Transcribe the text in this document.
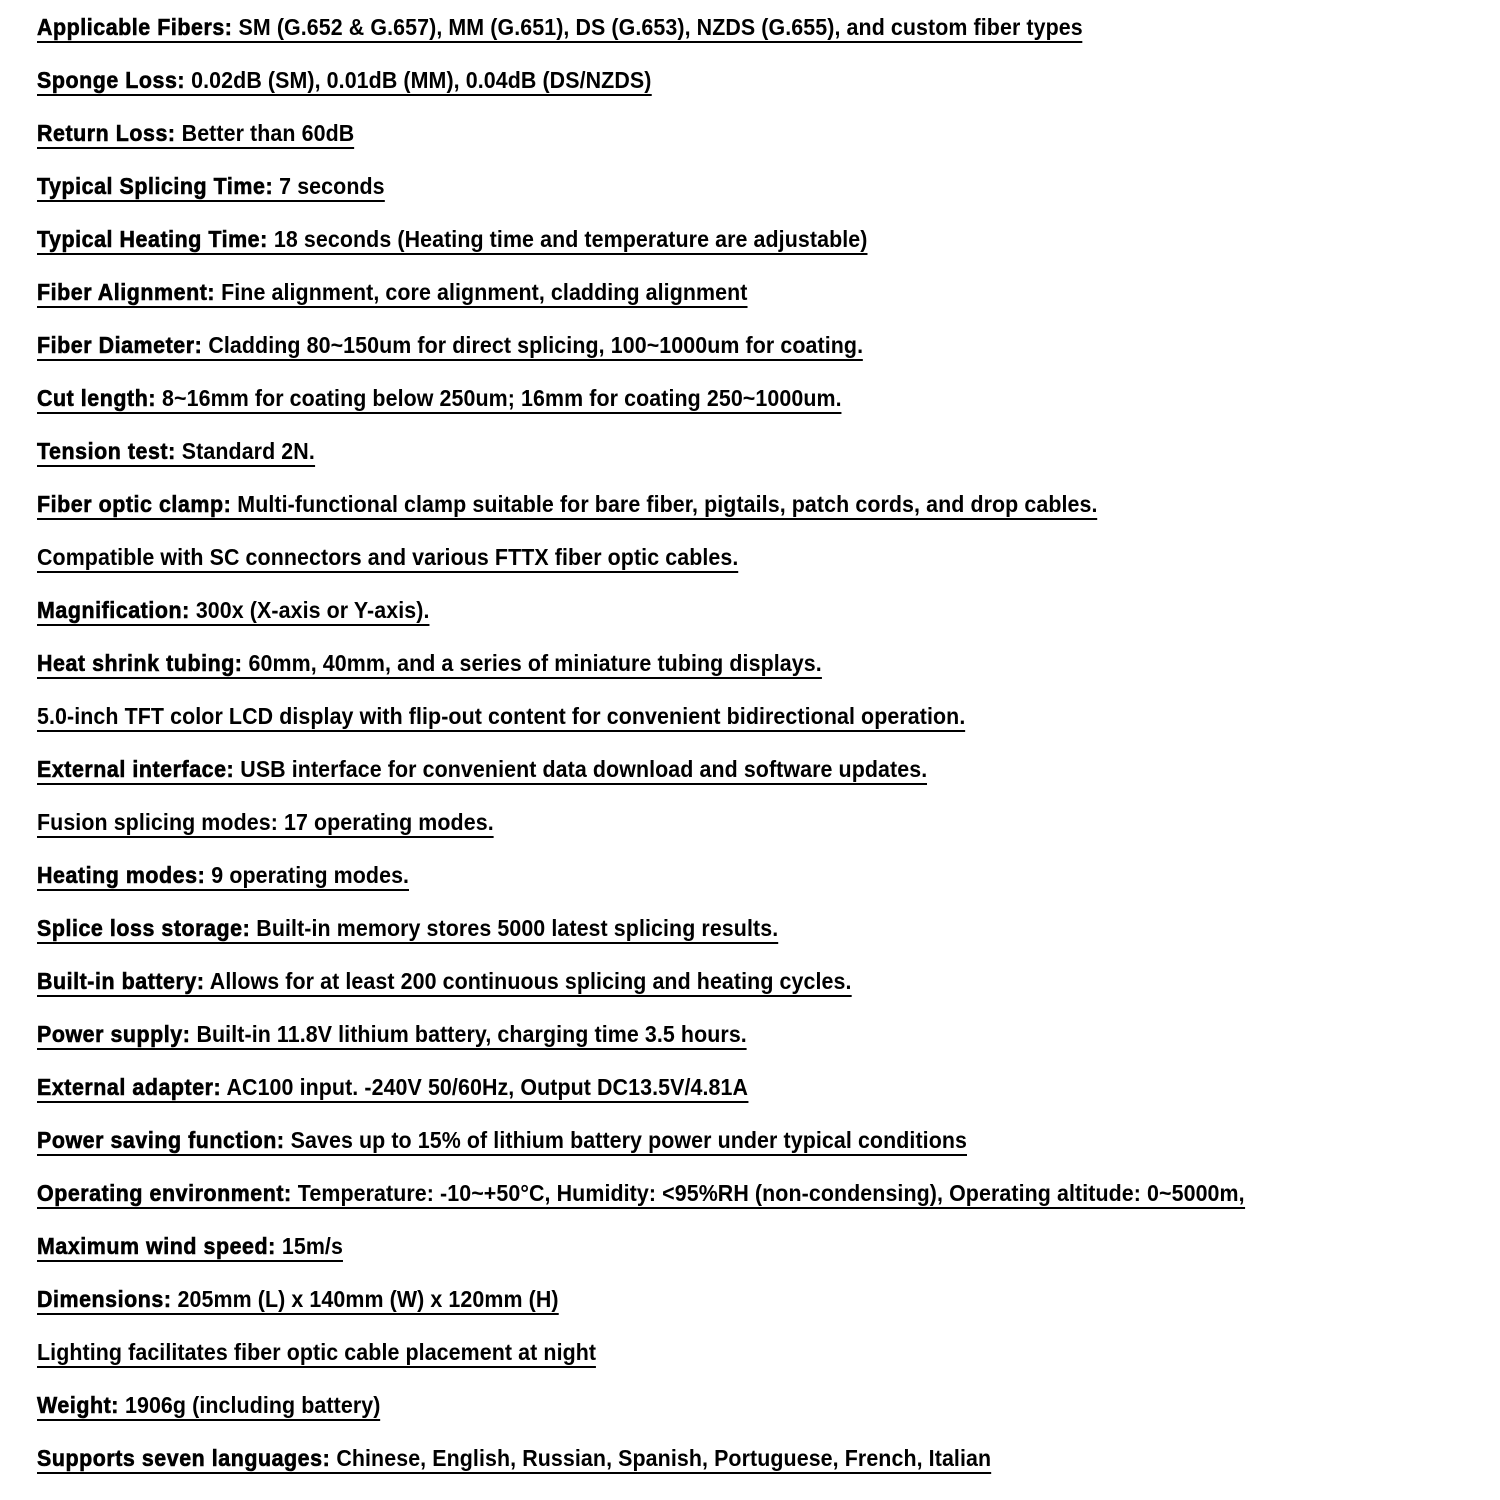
Applicable Fibers: SM (G.652 & G.657), MM (G.651), DS (G.653), NZDS (G.655), and custom fiber types
Sponge Loss: 0.02dB (SM), 0.01dB (MM), 0.04dB (DS/NZDS)
Return Loss: Better than 60dB
Typical Splicing Time: 7 seconds
Typical Heating Time: 18 seconds (Heating time and temperature are adjustable)
Fiber Alignment: Fine alignment, core alignment, cladding alignment
Fiber Diameter: Cladding 80~150um for direct splicing, 100~1000um for coating.
Cut length: 8~16mm for coating below 250um; 16mm for coating 250~1000um.
Tension test: Standard 2N.
Fiber optic clamp: Multi-functional clamp suitable for bare fiber, pigtails, patch cords, and drop cables.
Compatible with SC connectors and various FTTX fiber optic cables.
Magnification: 300x (X-axis or Y-axis).
Heat shrink tubing: 60mm, 40mm, and a series of miniature tubing displays.
5.0-inch TFT color LCD display with flip-out content for convenient bidirectional operation.
External interface: USB interface for convenient data download and software updates.
Fusion splicing modes: 17 operating modes.
Heating modes: 9 operating modes.
Splice loss storage: Built-in memory stores 5000 latest splicing results.
Built-in battery: Allows for at least 200 continuous splicing and heating cycles.
Power supply: Built-in 11.8V lithium battery, charging time 3.5 hours.
External adapter: AC100 input. -240V 50/60Hz, Output DC13.5V/4.81A
Power saving function: Saves up to 15% of lithium battery power under typical conditions
Operating environment: Temperature: -10~+50°C, Humidity: <95%RH (non-condensing), Operating altitude: 0~5000m,
Maximum wind speed: 15m/s
Dimensions: 205mm (L) x 140mm (W) x 120mm (H)
Lighting facilitates fiber optic cable placement at night
Weight: 1906g (including battery)
Supports seven languages: Chinese, English, Russian, Spanish, Portuguese, French, Italian
